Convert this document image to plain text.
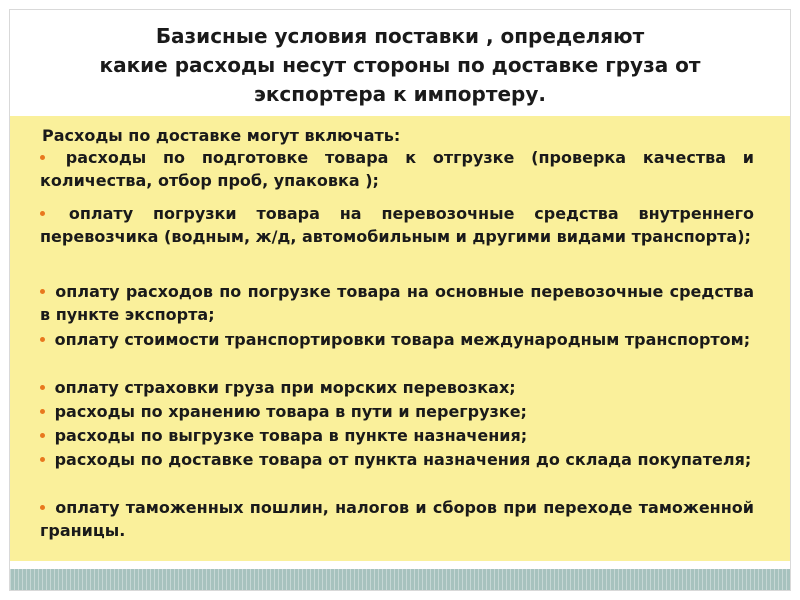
Базисные условия поставки , определяют
какие расходы несут стороны по доставке груза от
экспортера к импортеру.
Расходы по доставке могут включать:
расходы по подготовке товара к отгрузке (проверка качества и количества, отбор проб, упаковка );
оплату погрузки товара на перевозочные средства внутреннего перевозчика (водным, ж/д, автомобильным и другими видами транспорта);
оплату расходов по погрузке товара на основные перевозочные средства в пункте экспорта;
оплату стоимости транспортировки товара международным транспортом;
оплату страховки груза при морских перевозках;
расходы по хранению товара в пути и перегрузке;
расходы по выгрузке товара в пункте назначения;
расходы по доставке товара от пункта назначения до склада покупателя;
оплату таможенных пошлин, налогов и сборов при переходе таможенной границы.
